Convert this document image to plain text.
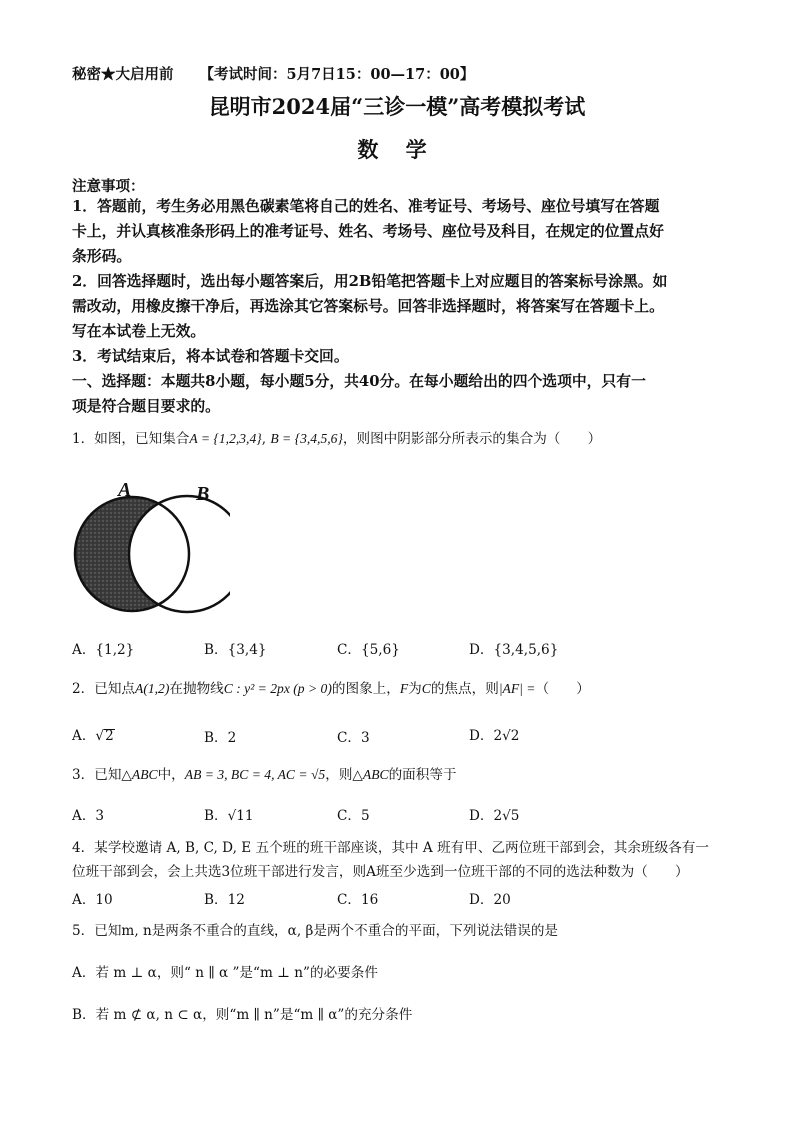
秘密★大启用前 【考试时间：5月7日15：00—17：00】
昆明市2024届“三诊一模”高考模拟考试
数 学
注意事项：
1．答题前，考生务必用黑色碳素笔将自己的姓名、准考证号、考场号、座位号填写在答题
卡上，并认真核准条形码上的准考证号、姓名、考场号、座位号及科目，在规定的位置点好
条形码。
2．回答选择题时，选出每小题答案后，用2B铅笔把答题卡上对应题目的答案标号涂黑。如
需改动，用橡皮擦干净后，再选涂其它答案标号。回答非选择题时，将答案写在答题卡上。
写在本试卷上无效。
3．考试结束后，将本试卷和答题卡交回。
一、选择题：本题共8小题，每小题5分，共40分。在每小题给出的四个选项中，只有一
项是符合题目要求的。
1．如图，已知集合A = {1,2,3,4}, B = {3,4,5,6}，则图中阴影部分所表示的集合为（　　）
A	B
A．{1,2}	B．{3,4}	C．{5,6}	D．{3,4,5,6}
2．已知点A(1,2)在抛物线C : y² = 2px (p > 0)的图象上，F为C的焦点，则|AF| =（　　）
A．√2	B．2	C．3	D．2√2
3．已知△ABC中，AB = 3, BC = 4, AC = √5，则△ABC的面积等于
A．3	B．√11	C．5	D．2√5
4．某学校邀请 A, B, C, D, E 五个班的班干部座谈，其中 A 班有甲、乙两位班干部到会，其余班级各有一
位班干部到会，会上共选3位班干部进行发言，则A班至少选到一位班干部的不同的选法种数为（　　）
A．10	B．12	C．16	D．20
5．已知m, n是两条不重合的直线，α, β是两个不重合的平面，下列说法错误的是
A．若 m ⊥ α，则“ n ∥ α ”是“m ⊥ n”的必要条件
B．若 m ⊄ α, n ⊂ α，则“m ∥ n”是“m ∥ α”的充分条件
